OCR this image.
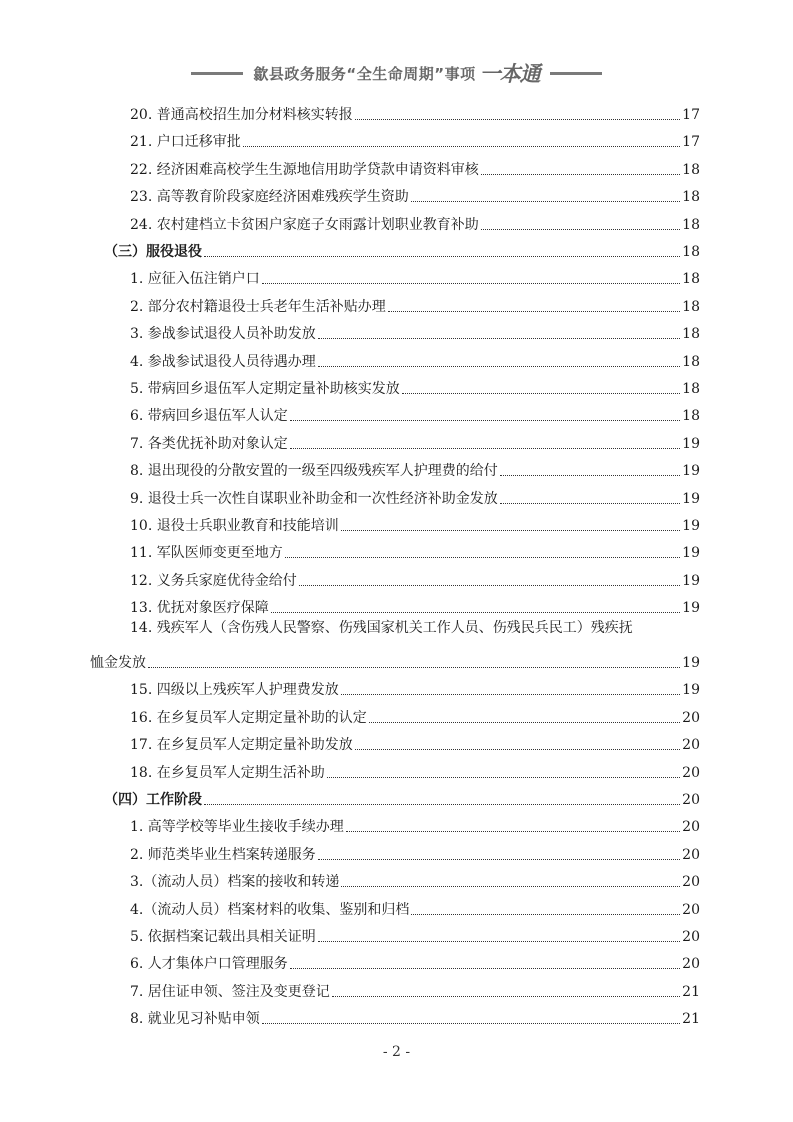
歙县政务服务“全生命周期”事项 一本通
20. 普通高校招生加分材料核实转报	17
21. 户口迁移审批	17
22. 经济困难高校学生生源地信用助学贷款申请资料审核	18
23. 高等教育阶段家庭经济困难残疾学生资助	18
24. 农村建档立卡贫困户家庭子女雨露计划职业教育补助	18
（三）服役退役	18
1. 应征入伍注销户口	18
2. 部分农村籍退役士兵老年生活补贴办理	18
3. 参战参试退役人员补助发放	18
4. 参战参试退役人员待遇办理	18
5. 带病回乡退伍军人定期定量补助核实发放	18
6. 带病回乡退伍军人认定	18
7. 各类优抚补助对象认定	19
8. 退出现役的分散安置的一级至四级残疾军人护理费的给付	19
9. 退役士兵一次性自谋职业补助金和一次性经济补助金发放	19
10. 退役士兵职业教育和技能培训	19
11. 军队医师变更至地方	19
12. 义务兵家庭优待金给付	19
13. 优抚对象医疗保障	19
14. 残疾军人（含伤残人民警察、伤残国家机关工作人员、伤残民兵民工）残疾抚
恤金发放	19
15. 四级以上残疾军人护理费发放	19
16. 在乡复员军人定期定量补助的认定	20
17. 在乡复员军人定期定量补助发放	20
18. 在乡复员军人定期生活补助	20
（四）工作阶段	20
1. 高等学校等毕业生接收手续办理	20
2. 师范类毕业生档案转递服务	20
3.（流动人员）档案的接收和转递	20
4.（流动人员）档案材料的收集、鉴别和归档	20
5. 依据档案记载出具相关证明	20
6. 人才集体户口管理服务	20
7. 居住证申领、签注及变更登记	21
8. 就业见习补贴申领	21
- 2 -
